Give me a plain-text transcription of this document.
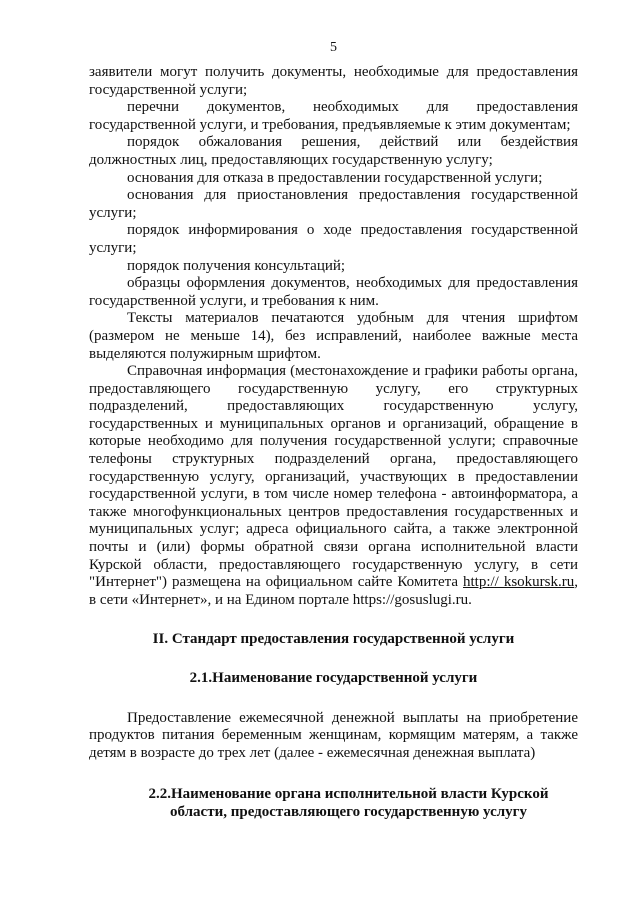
5

заявители могут получить документы, необходимые для предоставления государственной услуги;

перечни документов, необходимых для предоставления государственной услуги, и требования, предъявляемые к этим документам;

порядок обжалования решения, действий или бездействия должностных лиц, предоставляющих государственную услугу;

основания для отказа в предоставлении государственной услуги;

основания для приостановления предоставления государственной услуги;

порядок информирования о ходе предоставления государственной услуги;

порядок получения консультаций;

образцы оформления документов, необходимых для предоставления государственной услуги, и требования к ним.

Тексты материалов печатаются удобным для чтения шрифтом (размером не меньше 14), без исправлений, наиболее важные места выделяются полужирным шрифтом.

Справочная информация (местонахождение и графики работы органа, предоставляющего государственную услугу, его структурных подразделений, предоставляющих государственную услугу, государственных и муниципальных органов и организаций, обращение в которые необходимо для получения государственной услуги; справочные телефоны структурных подразделений органа, предоставляющего государственную услугу, организаций, участвующих в предоставлении государственной услуги, в том числе номер телефона - автоинформатора, а также многофункциональных центров предоставления государственных и муниципальных услуг; адреса официального сайта, а также электронной почты и (или) формы обратной связи органа исполнительной власти Курской области, предоставляющего государственную услугу, в сети "Интернет") размещена на официальном сайте Комитета http:// ksokursk.ru, в сети «Интернет», и на Едином портале https://gosuslugi.ru.

II. Стандарт предоставления государственной услуги
2.1.Наименование государственной услуги

Предоставление ежемесячной денежной выплаты на приобретение продуктов питания беременным женщинам, кормящим матерям, а также детям в возрасте до трех лет (далее - ежемесячная денежная выплата)

2.2.Наименование органа исполнительной власти Курской области, предоставляющего государственную услугу
